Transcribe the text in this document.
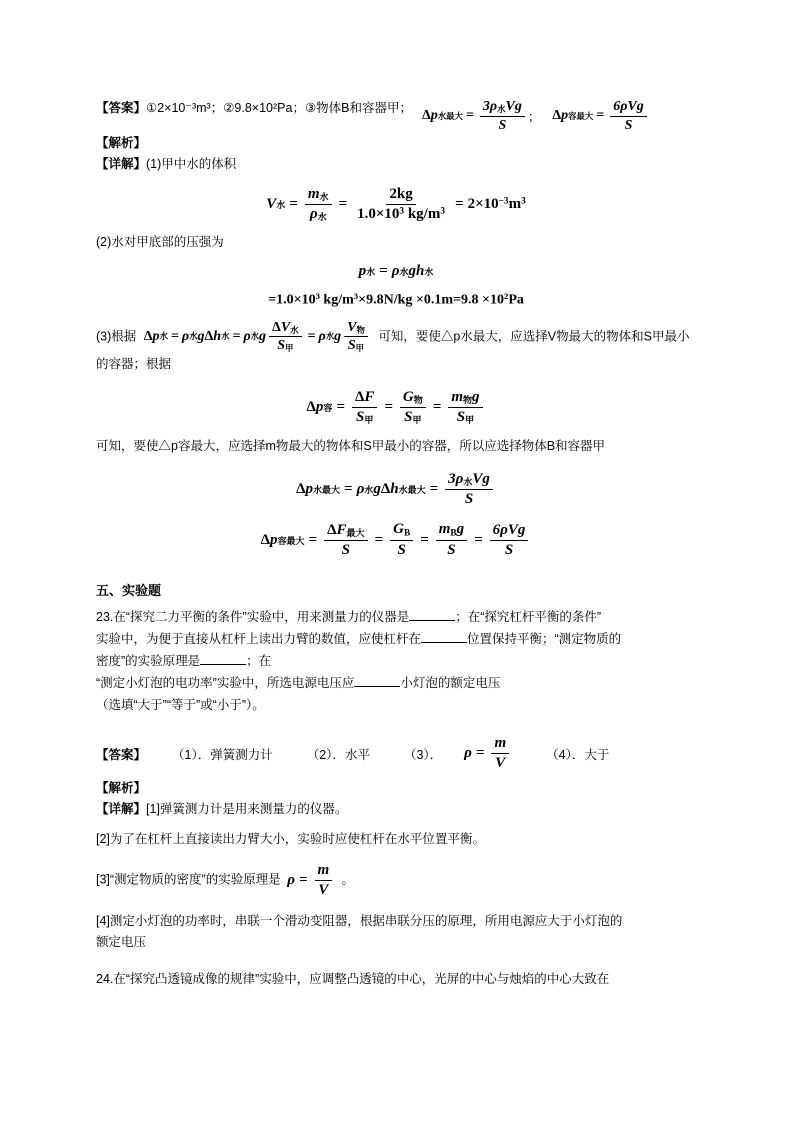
【答案】 ①2×10⁻³m³；②9.8×10²Pa；③物体B和容器甲； Δ p 水最大 = $\frac{\text{3ρ水Vg}}{S}$ ； Δ p 容最大 = $\frac{\text{6ρVg}}{S}$
【解析】
【详解】(1)甲中水的体积
V 水 = $\frac{\text{m水}}{\text{ρ水}} = \frac{2kg}{1.0\times 10^3 kg/m^3} = 2\times 10^{-3}m^3$
(2)水对甲底部的压强为
p 水 = ρ 水 gh 水
$=1.0\times 10^3$ $kg/m^3\times 9.8N/kg \times 0.1m=9.8 \times 10^2Pa$
(3)根据 Δ p 水 = ρ 水 g Δ h 水 = ρ 水 g $\frac{\text{ΔV水}}{\text{S甲}} = \rho$ 水 g $\frac{\text{V物}}{\text{S甲}}$ 可知，要使△p水最大，应选择V物最大的物体和S甲最小的容器；根据
Δ p 容 = $\frac{\Delta F}{\text{S甲}} = \frac{\text{G物}}{\text{S甲}} = \frac{\text{m物g}}{\text{S甲}}$
可知，要使△p容最大，应选择m物最大的物体和S甲最小的容器，所以应选择物体B和容器甲
Δ p 水最大 = ρ 水 g Δ h 水最大 = $\frac{\text{3ρ水Vg}}{S}$
Δ p 容最大 = $\frac{\text{ΔF最大}}{S} = \frac{G_B}{S} = \frac{m_Bg}{S} = \frac{\text{6ρVg}}{S}$
五、实验题
23.在“探究二力平衡的条件”实验中，用来测量力的仪器是	；在“探究杠杆平衡的条件”
实验中，为便于直接从杠杆上读出力臂的数值，应使杠杆在	位置保持平衡；“测定物质的
密度”的实验原理是	；在
“测定小灯泡的电功率”实验中，所选电源电压应	小灯泡的额定电压
（选填“大于”“等于”或“小于”）。
【答案】 （1）． 弹簧测力计	（2）． 水平	（3）． $\rho = \frac{m}{V}$	（4）． 大于
【解析】
【详解】[1]弹簧测力计是用来测量力的仪器。
[2]为了在杠杆上直接读出力臂大小，实验时应使杠杆在水平位置平衡。
[3]“测定物质的密度”的实验原理是 $\rho = \frac{m}{V}$ 。
[4]测定小灯泡的功率时，串联一个滑动变阻器，根据串联分压的原理，所用电源应大于小灯泡的
额定电压
24.在“探究凸透镜成像的规律”实验中，应调整凸透镜的中心，光屏的中心与烛焰的中心大致在
